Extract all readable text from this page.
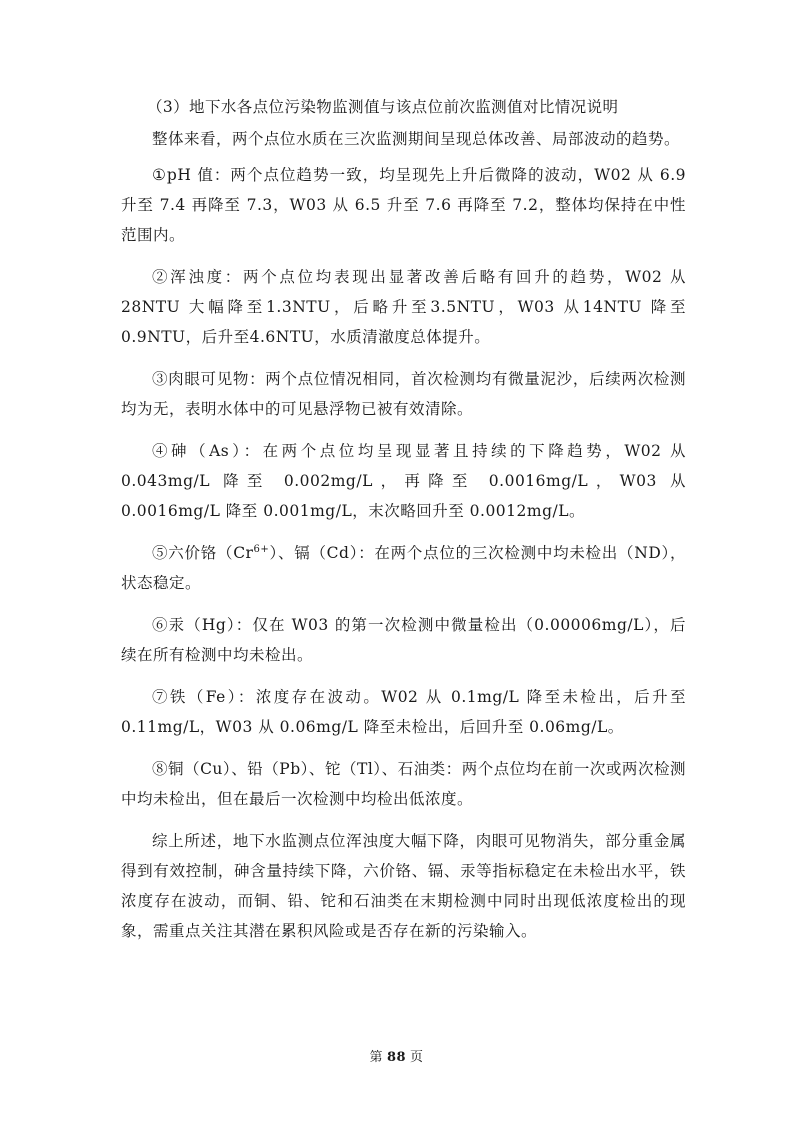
（3）地下水各点位污染物监测值与该点位前次监测值对比情况说明

整体来看，两个点位水质在三次监测期间呈现总体改善、局部波动的趋势。

①pH 值：两个点位趋势一致，均呈现先上升后微降的波动，W02 从 6.9 升至 7.4 再降至 7.3，W03 从 6.5 升至 7.6 再降至 7.2，整体均保持在中性范围内。

②浑浊度：两个点位均表现出显著改善后略有回升的趋势，W02 从 28NTU 大幅降至1.3NTU，后略升至3.5NTU，W03 从14NTU 降至0.9NTU，后升至4.6NTU，水质清澈度总体提升。

③肉眼可见物：两个点位情况相同，首次检测均有微量泥沙，后续两次检测均为无，表明水体中的可见悬浮物已被有效清除。

④砷（As）：在两个点位均呈现显著且持续的下降趋势，W02 从 0.043mg/L 降至 0.002mg/L，再降至 0.0016mg/L，W03 从 0.0016mg/L 降至 0.001mg/L，末次略回升至 0.0012mg/L。

⑤六价铬$(Cr^{6+})$、镉（Cd）：在两个点位的三次检测中均未检出（ND），状态稳定。

⑥汞（Hg）：仅在 W03 的第一次检测中微量检出（0.00006mg/L），后续在所有检测中均未检出。

⑦铁（Fe）：浓度存在波动。W02 从 0.1mg/L 降至未检出，后升至 0.11mg/L，W03 从 0.06mg/L 降至未检出，后回升至 0.06mg/L。

⑧铜（Cu）、铅（Pb）、铊（Tl）、石油类：两个点位均在前一次或两次检测中均未检出，但在最后一次检测中均检出低浓度。

综上所述，地下水监测点位浑浊度大幅下降，肉眼可见物消失，部分重金属得到有效控制，砷含量持续下降，六价铬、镉、汞等指标稳定在未检出水平，铁浓度存在波动，而铜、铅、铊和石油类在末期检测中同时出现低浓度检出的现象，需重点关注其潜在累积风险或是否存在新的污染输入。

第 88 页
